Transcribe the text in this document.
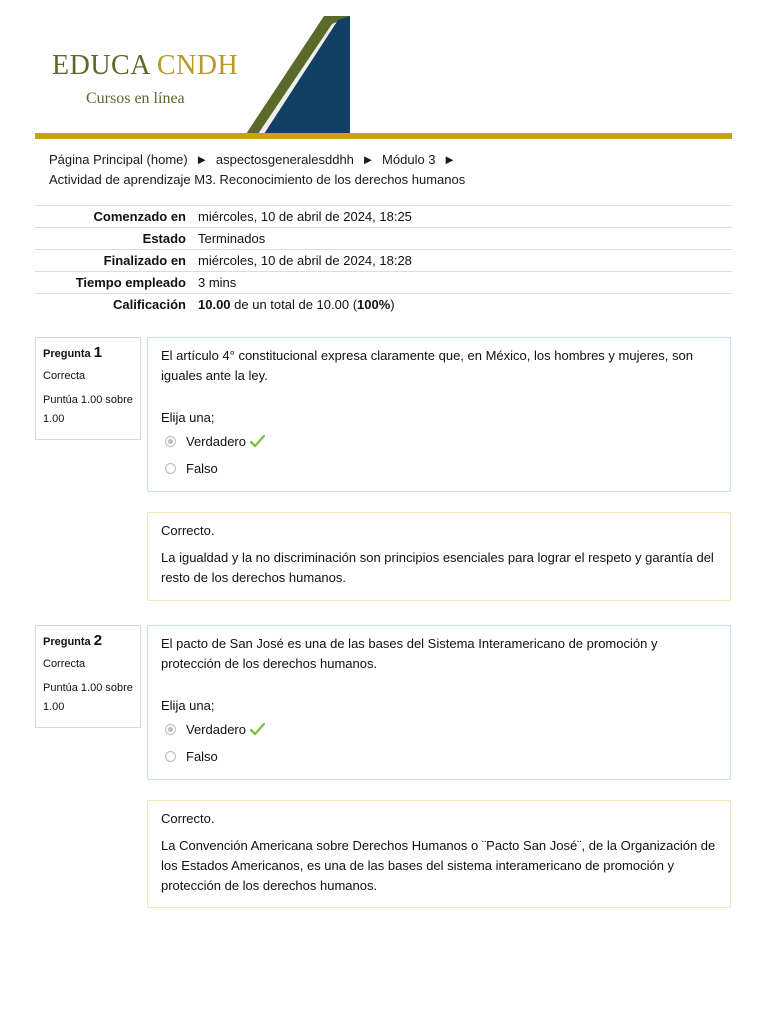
EDUCA CNDH
Cursos en línea
Página Principal (home) ► aspectosgeneralesddhh ► Módulo 3 ►
Actividad de aprendizaje M3. Reconocimiento de los derechos humanos
Comenzado en	miércoles, 10 de abril de 2024, 18:25
Estado	Terminados
Finalizado en	miércoles, 10 de abril de 2024, 18:28
Tiempo empleado	3 mins
Calificación	10.00 de un total de 10.00 (100%)
Pregunta 1
Correcta
Puntúa 1.00 sobre 1.00
El artículo 4° constitucional expresa claramente que, en México, los hombres y mujeres, son iguales ante la ley.
Elija una;
Verdadero
Falso
Correcto.
La igualdad y la no discriminación son principios esenciales para lograr el respeto y garantía del resto de los derechos humanos.
Pregunta 2
Correcta
Puntúa 1.00 sobre 1.00
El pacto de San José es una de las bases del Sistema Interamericano de promoción y protección de los derechos humanos.
Elija una;
Verdadero
Falso
Correcto.
La Convención Americana sobre Derechos Humanos o ¨Pacto San José¨, de la Organización de los Estados Americanos, es una de las bases del sistema interamericano de promoción y protección de los derechos humanos.
